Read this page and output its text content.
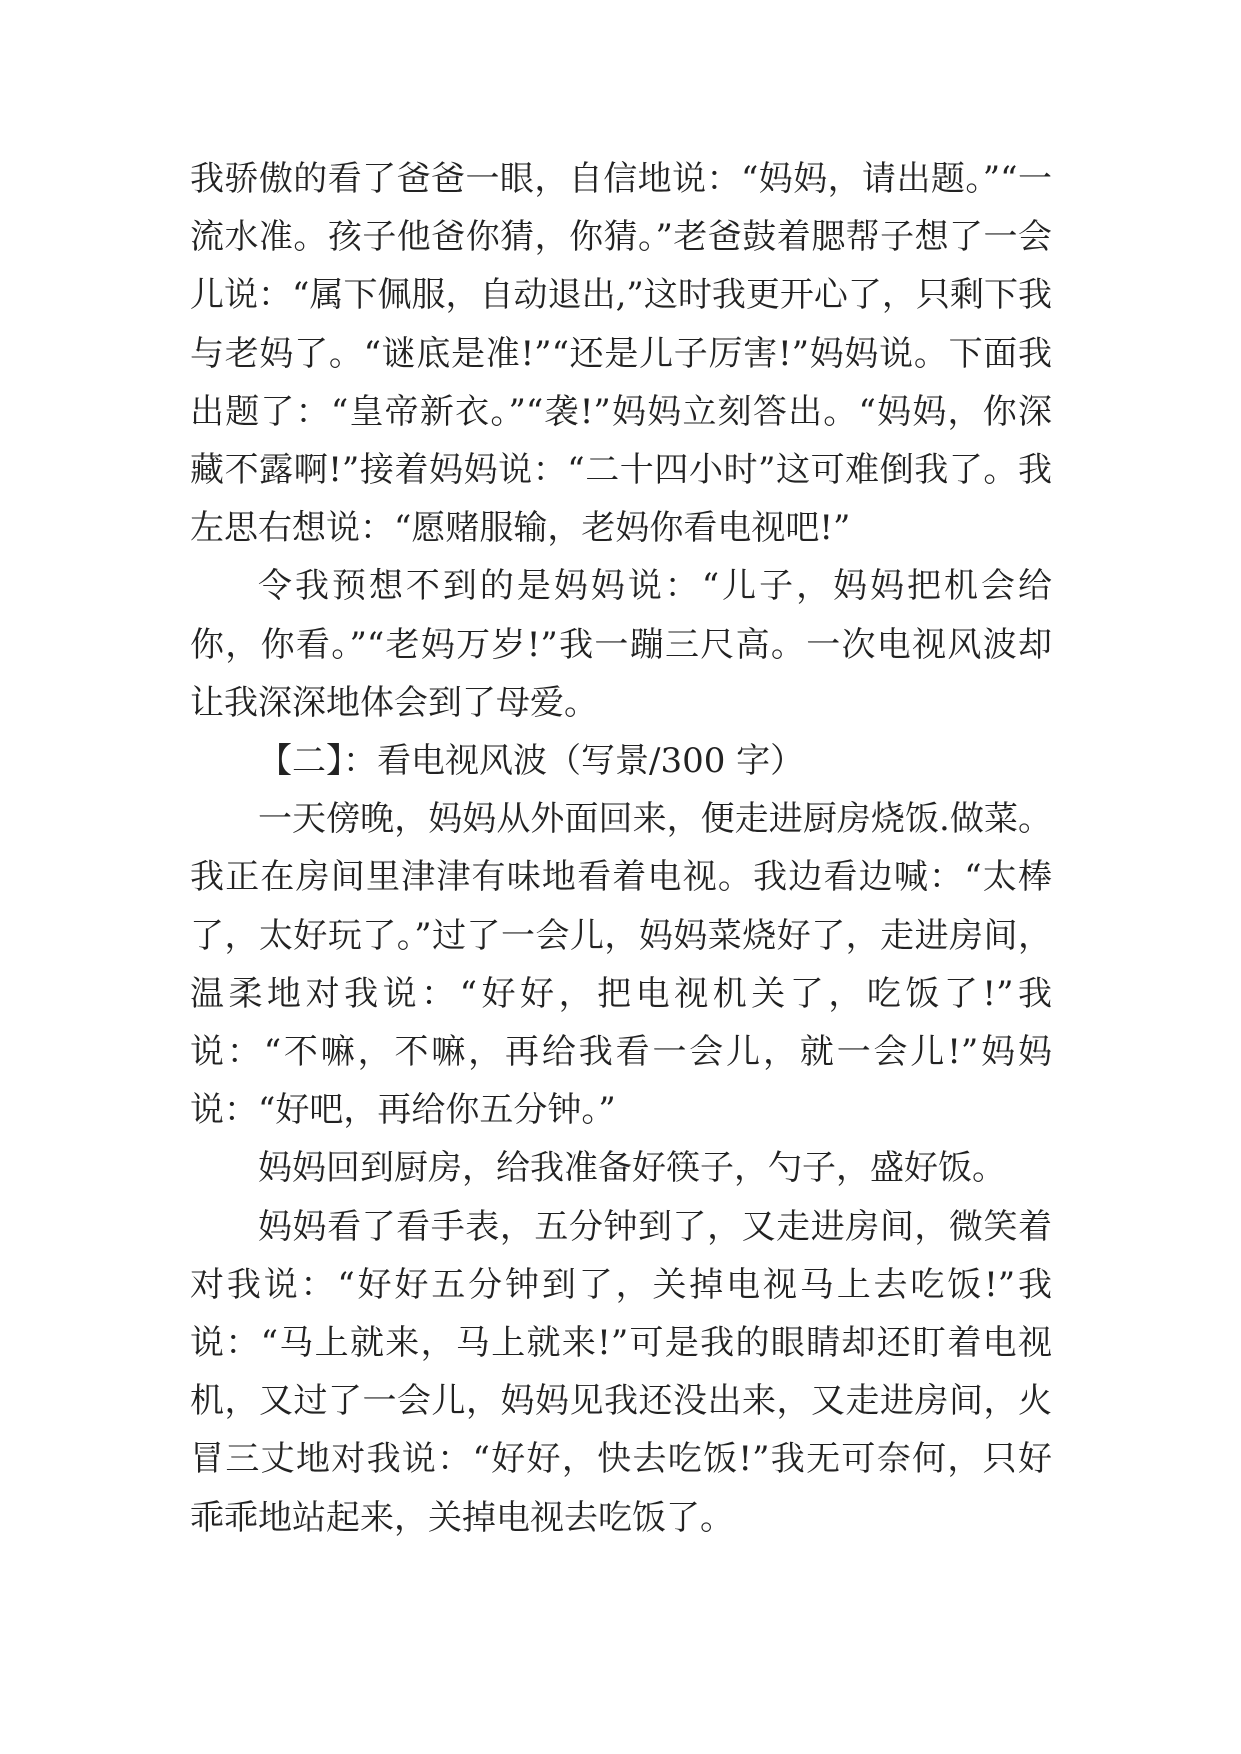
我骄傲的看了爸爸一眼，自信地说：“妈妈，请出题。”“一流水准。孩子他爸你猜，你猜。”老爸鼓着腮帮子想了一会儿说：“属下佩服，自动退出,”这时我更开心了，只剩下我与老妈了。“谜底是准!”“还是儿子厉害!”妈妈说。下面我出题了：“皇帝新衣。”“袭!”妈妈立刻答出。“妈妈，你深藏不露啊!”接着妈妈说：“二十四小时”这可难倒我了。我左思右想说：“愿赌服输，老妈你看电视吧!”

令我预想不到的是妈妈说：“儿子，妈妈把机会给你，你看。”“老妈万岁!”我一蹦三尺高。一次电视风波却让我深深地体会到了母爱。

【二】：看电视风波（写景/300 字）

一天傍晚，妈妈从外面回来，便走进厨房烧饭.做菜。我正在房间里津津有味地看着电视。我边看边喊：“太棒了，太好玩了。”过了一会儿，妈妈菜烧好了，走进房间，温柔地对我说：“好好，把电视机关了，吃饭了!”我说：“不嘛，不嘛，再给我看一会儿，就一会儿!”妈妈说：“好吧，再给你五分钟。”

妈妈回到厨房，给我准备好筷子，勺子，盛好饭。

妈妈看了看手表，五分钟到了，又走进房间，微笑着对我说：“好好五分钟到了，关掉电视马上去吃饭!”我说：“马上就来，马上就来!”可是我的眼睛却还盯着电视机，又过了一会儿，妈妈见我还没出来，又走进房间，火冒三丈地对我说：“好好，快去吃饭!”我无可奈何，只好乖乖地站起来，关掉电视去吃饭了。
